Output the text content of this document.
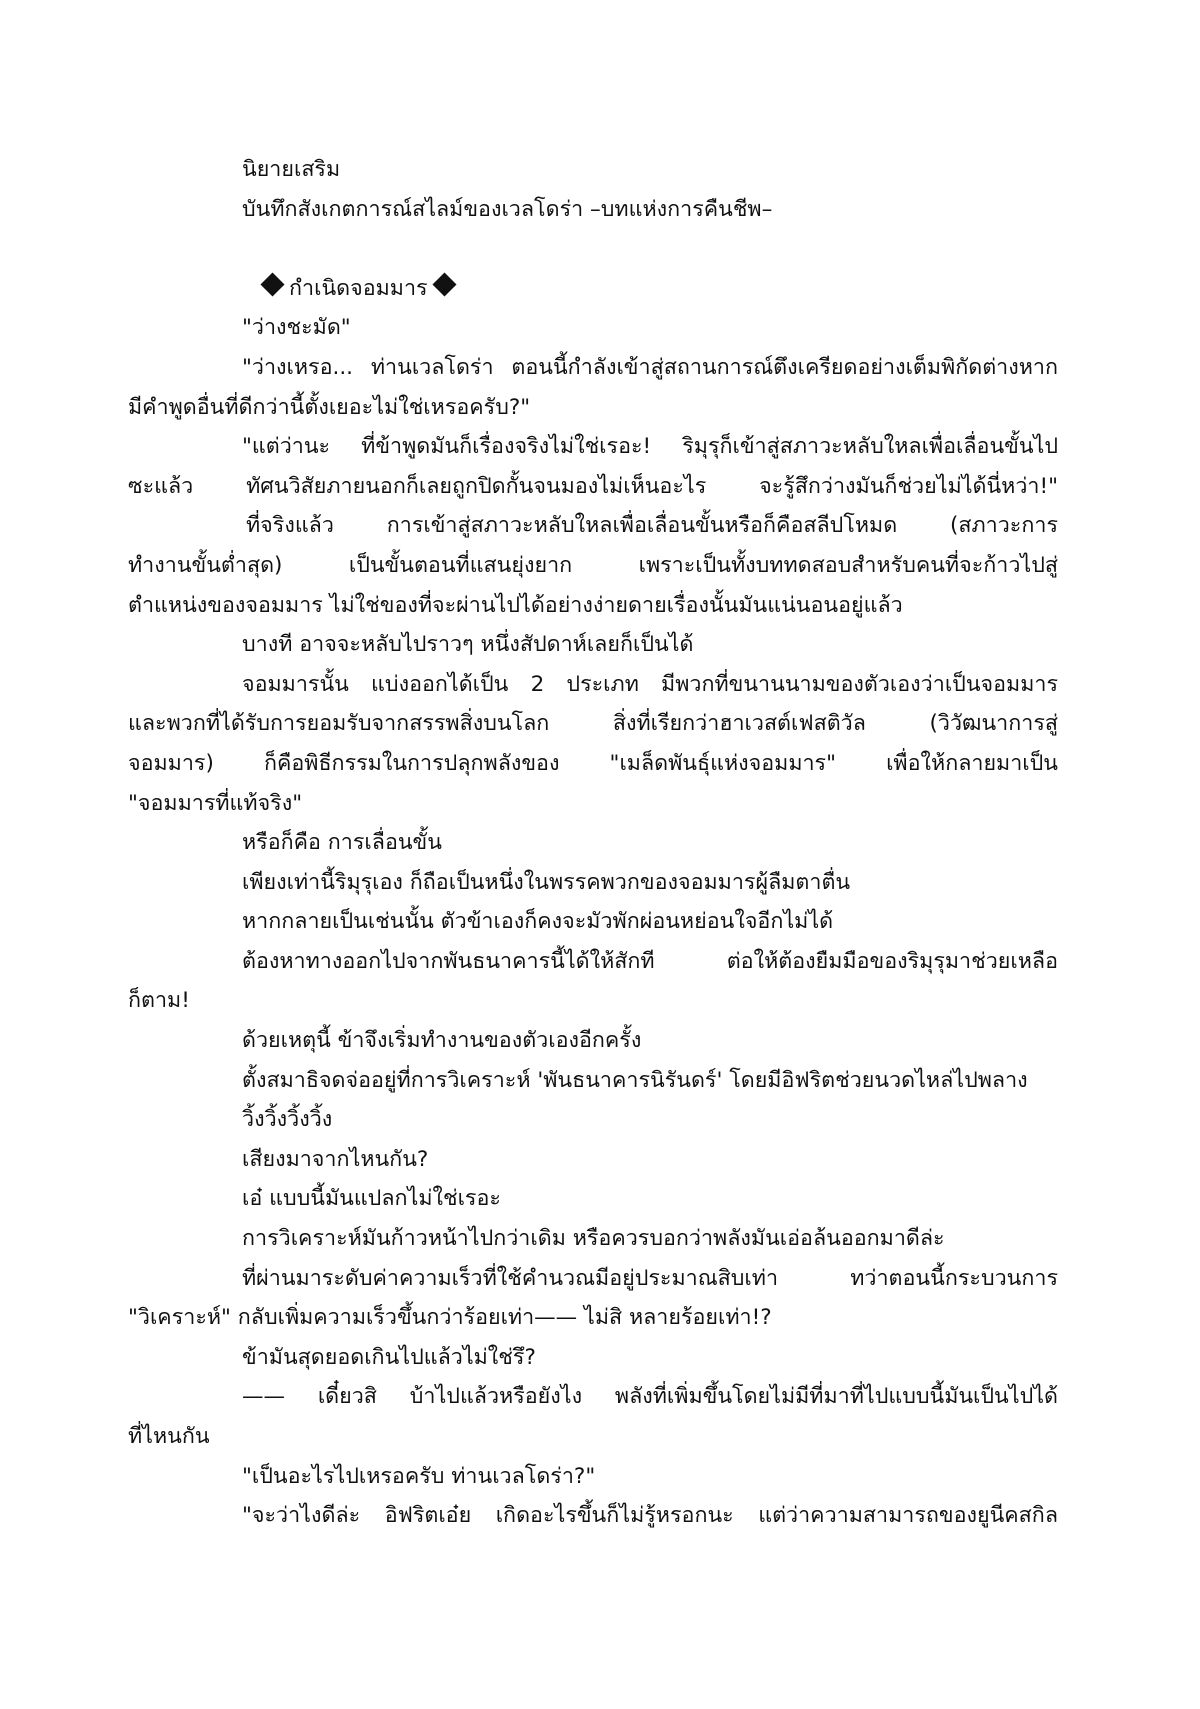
นิยายเสริม
บันทึกสังเกตการณ์สไลม์ของเวลโดร่า –บทแห่งการคืนชีพ–
กำเนิดจอมมาร
"ว่างชะมัด"
"ว่างเหรอ... ท่านเวลโดร่า ตอนนี้กำลังเข้าสู่สถานการณ์ตึงเครียดอย่างเต็มพิกัดต่างหาก
มีคำพูดอื่นที่ดีกว่านี้ตั้งเยอะไม่ใช่เหรอครับ?"
"แต่ว่านะ ที่ข้าพูดมันก็เรื่องจริงไม่ใช่เรอะ! ริมุรุก็เข้าสู่สภาวะหลับใหลเพื่อเลื่อนขั้นไป
ซะแล้ว ทัศนวิสัยภายนอกก็เลยถูกปิดกั้นจนมองไม่เห็นอะไร จะรู้สึกว่างมันก็ช่วยไม่ได้นี่หว่า!"
ที่จริงแล้ว การเข้าสู่สภาวะหลับใหลเพื่อเลื่อนขั้นหรือก็คือสลีปโหมด (สภาวะการ
ทำงานขั้นต่ำสุด) เป็นขั้นตอนที่แสนยุ่งยาก เพราะเป็นทั้งบททดสอบสำหรับคนที่จะก้าวไปสู่
ตำแหน่งของจอมมาร ไม่ใช่ของที่จะผ่านไปได้อย่างง่ายดายเรื่องนั้นมันแน่นอนอยู่แล้ว
บางที อาจจะหลับไปราวๆ หนึ่งสัปดาห์เลยก็เป็นได้
จอมมารนั้น แบ่งออกได้เป็น 2 ประเภท มีพวกที่ขนานนามของตัวเองว่าเป็นจอมมาร
และพวกที่ได้รับการยอมรับจากสรรพสิ่งบนโลก สิ่งที่เรียกว่าฮาเวสต์เฟสติวัล (วิวัฒนาการสู่
จอมมาร) ก็คือพิธีกรรมในการปลุกพลังของ "เมล็ดพันธุ์แห่งจอมมาร" เพื่อให้กลายมาเป็น
"จอมมารที่แท้จริง"
หรือก็คือ การเลื่อนขั้น
เพียงเท่านี้ริมุรุเอง ก็ถือเป็นหนึ่งในพรรคพวกของจอมมารผู้ลืมตาตื่น
หากกลายเป็นเช่นนั้น ตัวข้าเองก็คงจะมัวพักผ่อนหย่อนใจอีกไม่ได้
ต้องหาทางออกไปจากพันธนาคารนี้ได้ให้สักที ต่อให้ต้องยืมมือของริมุรุมาช่วยเหลือ
ก็ตาม!
ด้วยเหตุนี้ ข้าจึงเริ่มทำงานของตัวเองอีกครั้ง
ตั้งสมาธิจดจ่ออยู่ที่การวิเคราะห์ 'พันธนาคารนิรันดร์' โดยมีอิฟริตช่วยนวดไหล่ไปพลาง
วิ้งวิ้งวิ้งวิ้ง
เสียงมาจากไหนกัน?
เอ๋ แบบนี้มันแปลกไม่ใช่เรอะ
การวิเคราะห์มันก้าวหน้าไปกว่าเดิม หรือควรบอกว่าพลังมันเอ่อล้นออกมาดีล่ะ
ที่ผ่านมาระดับค่าความเร็วที่ใช้คำนวณมีอยู่ประมาณสิบเท่า ทว่าตอนนี้กระบวนการ
"วิเคราะห์" กลับเพิ่มความเร็วขึ้นกว่าร้อยเท่า—— ไม่สิ หลายร้อยเท่า!?
ข้ามันสุดยอดเกินไปแล้วไม่ใช่รึ?
—— เดี๋ยวสิ บ้าไปแล้วหรือยังไง พลังที่เพิ่มขึ้นโดยไม่มีที่มาที่ไปแบบนี้มันเป็นไปได้
ที่ไหนกัน
"เป็นอะไรไปเหรอครับ ท่านเวลโดร่า?"
"จะว่าไงดีล่ะ อิฟริตเอ๋ย เกิดอะไรขึ้นก็ไม่รู้หรอกนะ แต่ว่าความสามารถของยูนีคสกิล
